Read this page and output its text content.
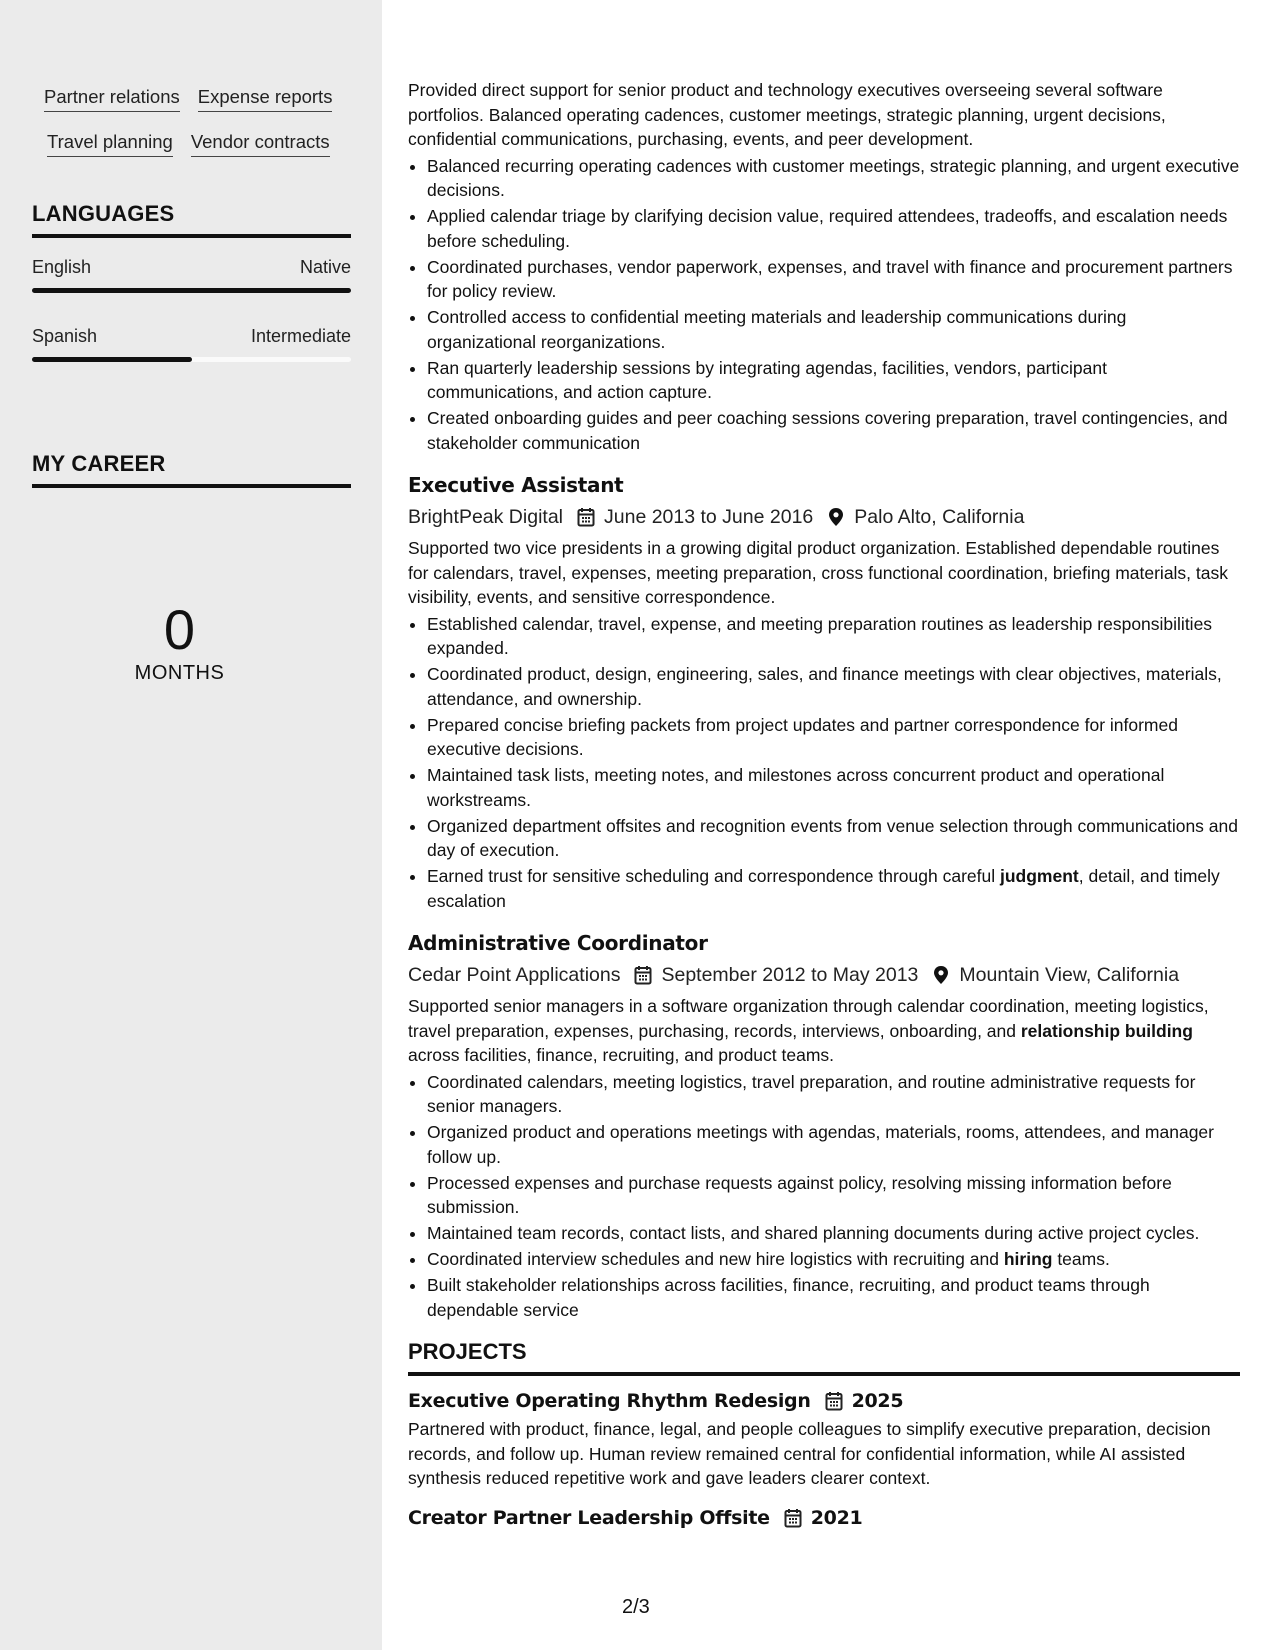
Partner relations Expense reports
Travel planning Vendor contracts
LANGUAGES
English	Native
Spanish	Intermediate
MY CAREER
0
MONTHS

Provided direct support for senior product and technology executives overseeing several software portfolios. Balanced operating cadences, customer meetings, strategic planning, urgent decisions, confidential communications, purchasing, events, and peer development.

• Balanced recurring operating cadences with customer meetings, strategic planning, and urgent executive decisions.
• Applied calendar triage by clarifying decision value, required attendees, tradeoffs, and escalation needs before scheduling.
• Coordinated purchases, vendor paperwork, expenses, and travel with finance and procurement partners for policy review.
• Controlled access to confidential meeting materials and leadership communications during organizational reorganizations.
• Ran quarterly leadership sessions by integrating agendas, facilities, vendors, participant communications, and action capture.
• Created onboarding guides and peer coaching sessions covering preparation, travel contingencies, and stakeholder communication
Executive Assistant
BrightPeak Digital June 2013 to June 2016 Palo Alto, California

Supported two vice presidents in a growing digital product organization. Established dependable routines for calendars, travel, expenses, meeting preparation, cross functional coordination, briefing materials, task visibility, events, and sensitive correspondence.

• Established calendar, travel, expense, and meeting preparation routines as leadership responsibilities expanded.
• Coordinated product, design, engineering, sales, and finance meetings with clear objectives, materials, attendance, and ownership.
• Prepared concise briefing packets from project updates and partner correspondence for informed executive decisions.
• Maintained task lists, meeting notes, and milestones across concurrent product and operational workstreams.
• Organized department offsites and recognition events from venue selection through communications and day of execution.
• Earned trust for sensitive scheduling and correspondence through careful judgment, detail, and timely escalation
Administrative Coordinator
Cedar Point Applications September 2012 to May 2013 Mountain View, California

Supported senior managers in a software organization through calendar coordination, meeting logistics, travel preparation, expenses, purchasing, records, interviews, onboarding, and relationship building across facilities, finance, recruiting, and product teams.

• Coordinated calendars, meeting logistics, travel preparation, and routine administrative requests for senior managers.
• Organized product and operations meetings with agendas, materials, rooms, attendees, and manager follow up.
• Processed expenses and purchase requests against policy, resolving missing information before submission.
• Maintained team records, contact lists, and shared planning documents during active project cycles.
• Coordinated interview schedules and new hire logistics with recruiting and hiring teams.
• Built stakeholder relationships across facilities, finance, recruiting, and product teams through dependable service
PROJECTS
Executive Operating Rhythm Redesign 2025

Partnered with product, finance, legal, and people colleagues to simplify executive preparation, decision records, and follow up. Human review remained central for confidential information, while AI assisted synthesis reduced repetitive work and gave leaders clearer context.

Creator Partner Leadership Offsite 2021
2/3
